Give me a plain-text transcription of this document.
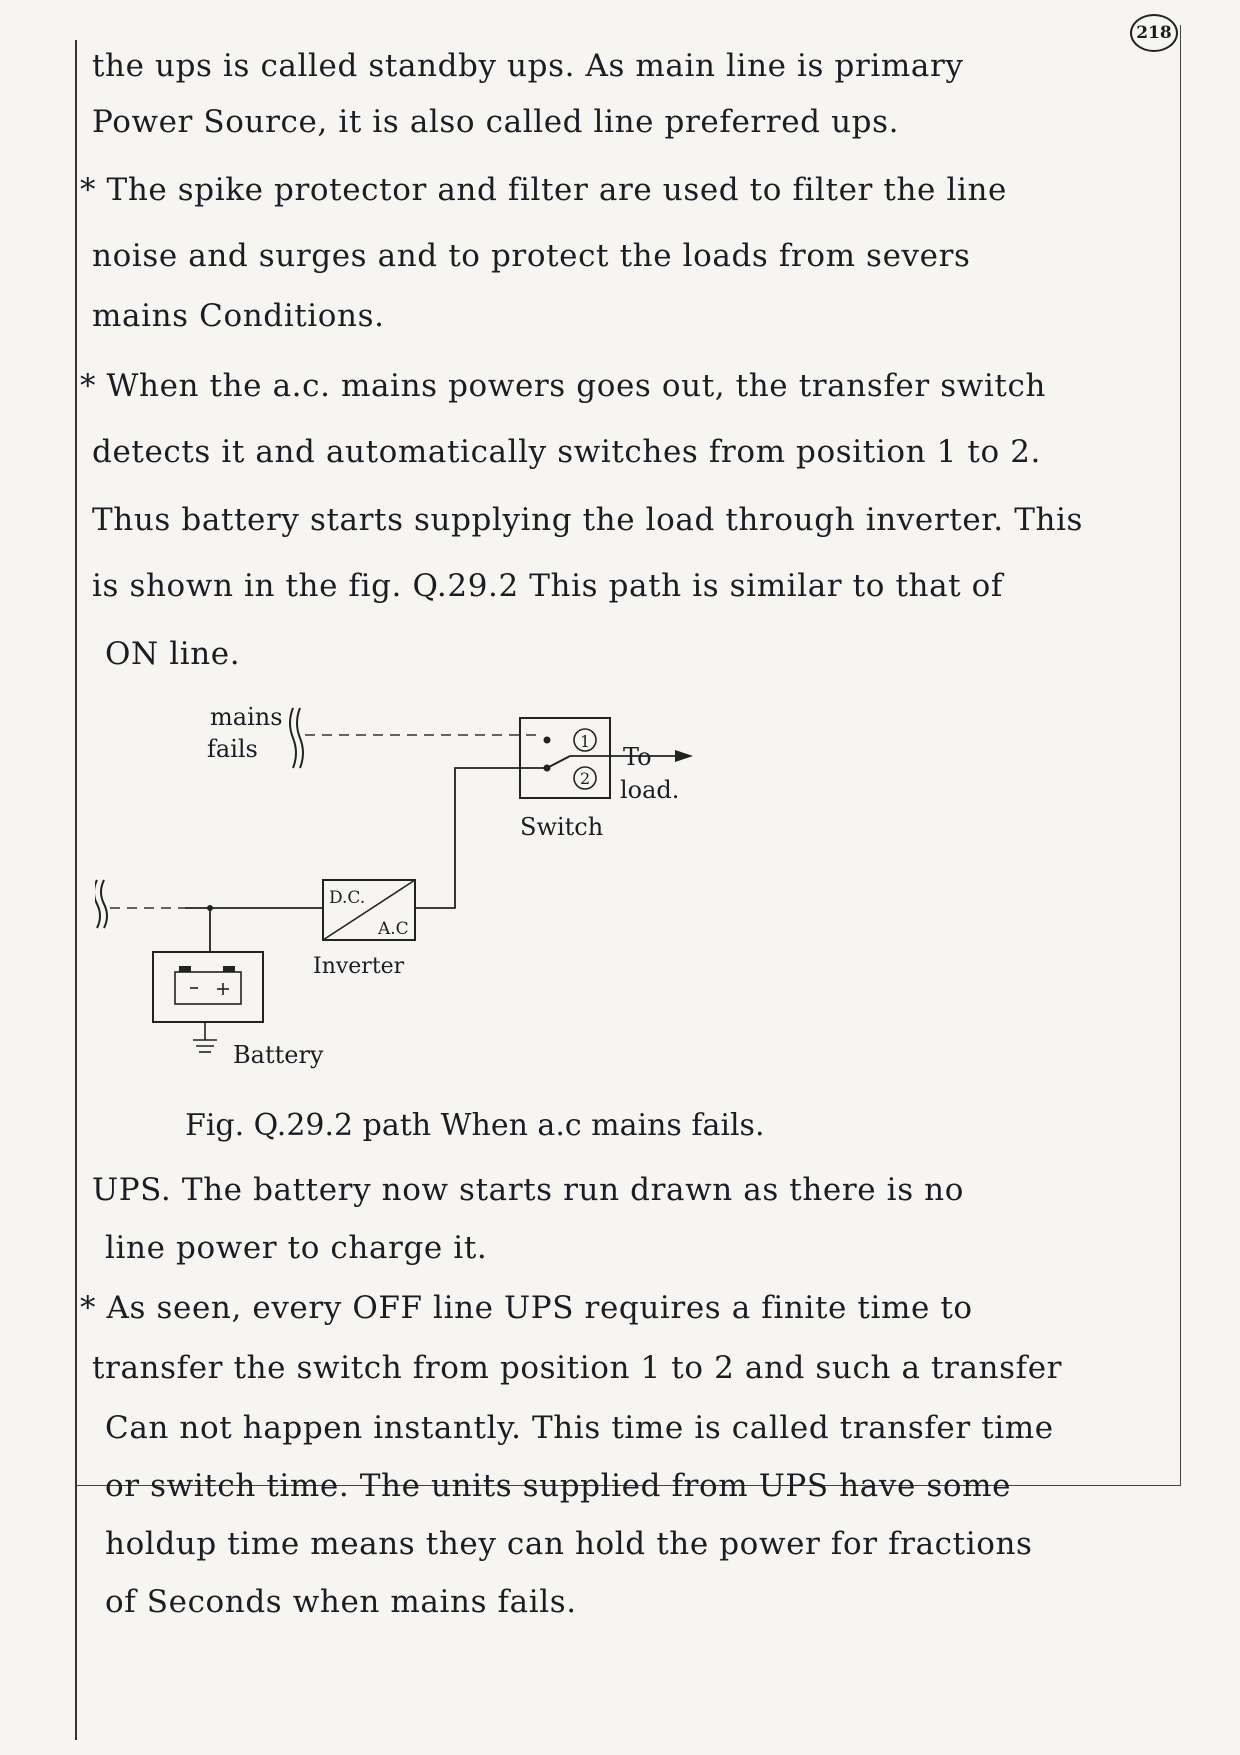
218
the ups is called standby ups. As main line is primary
Power Source, it is also called line preferred ups.
* The spike protector and filter are used to filter the line
noise and surges and to protect the loads from severs
mains Conditions.
* When the a.c. mains powers goes out, the transfer switch
detects it and automatically switches from position 1 to 2.
Thus battery starts supplying the load through inverter. This
is shown in the fig. Q.29.2 This path is similar to that of
ON line.
mains
fails	1
2
To
load.
Switch
D.C.
A.C
Inverter
Battery
Fig. Q.29.2 path When a.c mains fails.
UPS. The battery now starts run drawn as there is no
line power to charge it.
* As seen, every OFF line UPS requires a finite time to
transfer the switch from position 1 to 2 and such a transfer
Can not happen instantly. This time is called transfer time
or switch time. The units supplied from UPS have some
holdup time means they can hold the power for fractions
of Seconds when mains fails.
